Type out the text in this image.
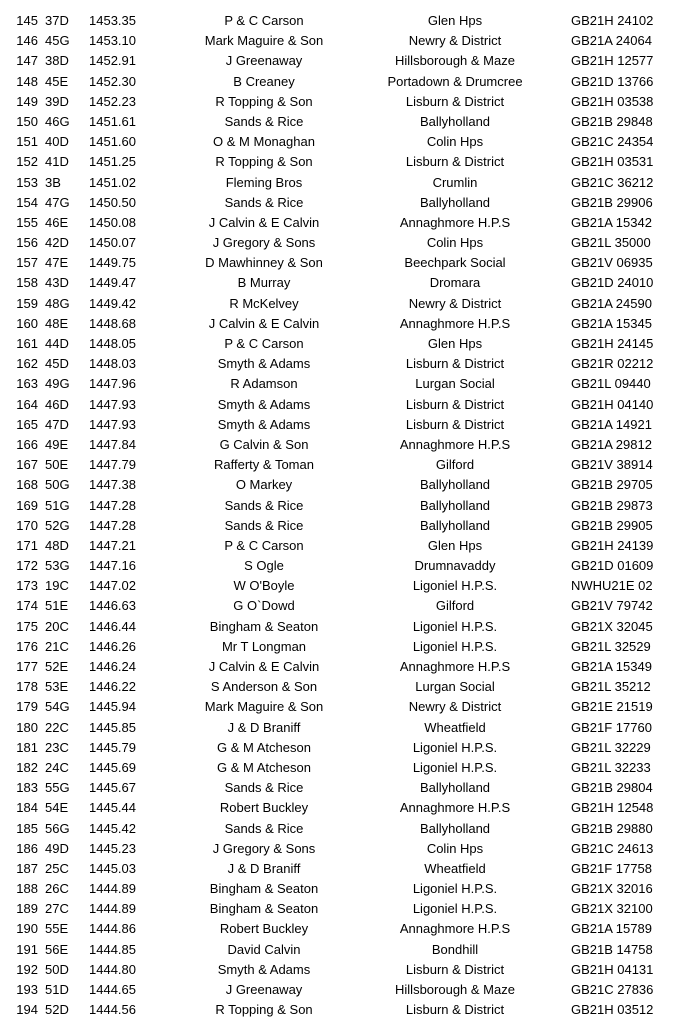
145 37D	1453.35	P & C Carson	Glen Hps	GB21H 24102
146 45G	1453.10	Mark Maguire & Son	Newry & District	GB21A 24064
147 38D	1452.91	J Greenaway	Hillsborough & Maze	GB21H 12577
148 45E	1452.30	B Creaney	Portadown & Drumcree	GB21D 13766
149 39D	1452.23	R Topping & Son	Lisburn & District	GB21H 03538
150 46G	1451.61	Sands & Rice	Ballyholland	GB21B 29848
151 40D	1451.60	O & M Monaghan	Colin Hps	GB21C 24354
152 41D	1451.25	R Topping & Son	Lisburn & District	GB21H 03531
153 3B	1451.02	Fleming Bros	Crumlin	GB21C 36212
154 47G	1450.50	Sands & Rice	Ballyholland	GB21B 29906
155 46E	1450.08	J Calvin & E Calvin	Annaghmore H.P.S	GB21A 15342
156 42D	1450.07	J Gregory & Sons	Colin Hps	GB21L 35000
157 47E	1449.75	D Mawhinney & Son	Beechpark Social	GB21V 06935
158 43D	1449.47	B Murray	Dromara	GB21D 24010
159 48G	1449.42	R McKelvey	Newry & District	GB21A 24590
160 48E	1448.68	J Calvin & E Calvin	Annaghmore H.P.S	GB21A 15345
161 44D	1448.05	P & C Carson	Glen Hps	GB21H 24145
162 45D	1448.03	Smyth & Adams	Lisburn & District	GB21R 02212
163 49G	1447.96	R Adamson	Lurgan Social	GB21L 09440
164 46D	1447.93	Smyth & Adams	Lisburn & District	GB21H 04140
165 47D	1447.93	Smyth & Adams	Lisburn & District	GB21A 14921
166 49E	1447.84	G Calvin & Son	Annaghmore H.P.S	GB21A 29812
167 50E	1447.79	Rafferty & Toman	Gilford	GB21V 38914
168 50G	1447.38	O Markey	Ballyholland	GB21B 29705
169 51G	1447.28	Sands & Rice	Ballyholland	GB21B 29873
170 52G	1447.28	Sands & Rice	Ballyholland	GB21B 29905
171 48D	1447.21	P & C Carson	Glen Hps	GB21H 24139
172 53G	1447.16	S Ogle	Drumnavaddy	GB21D 01609
173 19C	1447.02	W O'Boyle	Ligoniel H.P.S.	NWHU21E 02
174 51E	1446.63	G O`Dowd	Gilford	GB21V 79742
175 20C	1446.44	Bingham & Seaton	Ligoniel H.P.S.	GB21X 32045
176 21C	1446.26	Mr T Longman	Ligoniel H.P.S.	GB21L 32529
177 52E	1446.24	J Calvin & E Calvin	Annaghmore H.P.S	GB21A 15349
178 53E	1446.22	S Anderson & Son	Lurgan Social	GB21L 35212
179 54G	1445.94	Mark Maguire & Son	Newry & District	GB21E 21519
180 22C	1445.85	J & D Braniff	Wheatfield	GB21F 17760
181 23C	1445.79	G & M Atcheson	Ligoniel H.P.S.	GB21L 32229
182 24C	1445.69	G & M Atcheson	Ligoniel H.P.S.	GB21L 32233
183 55G	1445.67	Sands & Rice	Ballyholland	GB21B 29804
184 54E	1445.44	Robert Buckley	Annaghmore H.P.S	GB21H 12548
185 56G	1445.42	Sands & Rice	Ballyholland	GB21B 29880
186 49D	1445.23	J Gregory & Sons	Colin Hps	GB21C 24613
187 25C	1445.03	J & D Braniff	Wheatfield	GB21F 17758
188 26C	1444.89	Bingham & Seaton	Ligoniel H.P.S.	GB21X 32016
189 27C	1444.89	Bingham & Seaton	Ligoniel H.P.S.	GB21X 32100
190 55E	1444.86	Robert Buckley	Annaghmore H.P.S	GB21A 15789
191 56E	1444.85	David Calvin	Bondhill	GB21B 14758
192 50D	1444.80	Smyth & Adams	Lisburn & District	GB21H 04131
193 51D	1444.65	J Greenaway	Hillsborough & Maze	GB21C 27836
194 52D	1444.56	R Topping & Son	Lisburn & District	GB21H 03512
